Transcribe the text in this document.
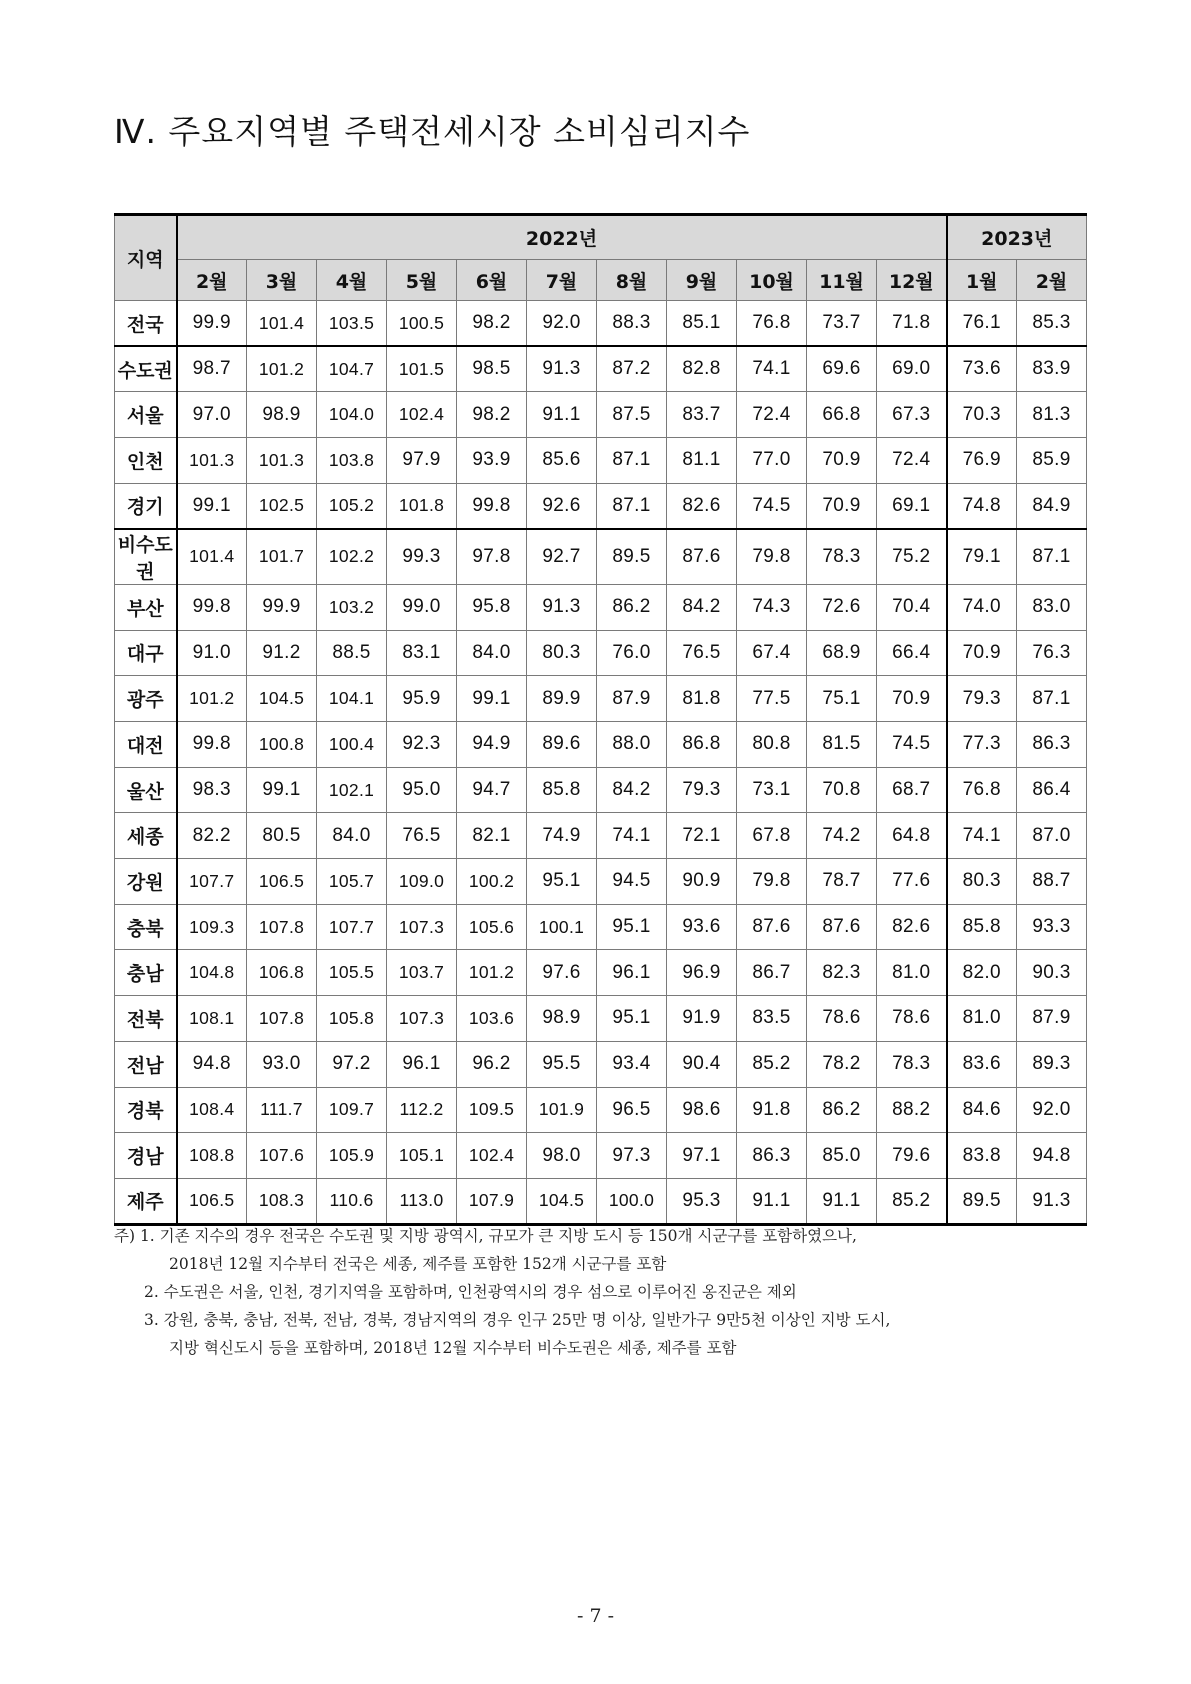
Ⅳ. 주요지역별 주택전세시장 소비심리지수
지역	2022년											2023년	
	2월	3월	4월	5월	6월	7월	8월	9월	10월	11월	12월	1월	2월
전국	99.9	101.4	103.5	100.5	98.2	92.0	88.3	85.1	76.8	73.7	71.8	76.1	85.3
수도권	98.7	101.2	104.7	101.5	98.5	91.3	87.2	82.8	74.1	69.6	69.0	73.6	83.9
서울	97.0	98.9	104.0	102.4	98.2	91.1	87.5	83.7	72.4	66.8	67.3	70.3	81.3
인천	101.3	101.3	103.8	97.9	93.9	85.6	87.1	81.1	77.0	70.9	72.4	76.9	85.9
경기	99.1	102.5	105.2	101.8	99.8	92.6	87.1	82.6	74.5	70.9	69.1	74.8	84.9
비수도권	101.4	101.7	102.2	99.3	97.8	92.7	89.5	87.6	79.8	78.3	75.2	79.1	87.1
부산	99.8	99.9	103.2	99.0	95.8	91.3	86.2	84.2	74.3	72.6	70.4	74.0	83.0
대구	91.0	91.2	88.5	83.1	84.0	80.3	76.0	76.5	67.4	68.9	66.4	70.9	76.3
광주	101.2	104.5	104.1	95.9	99.1	89.9	87.9	81.8	77.5	75.1	70.9	79.3	87.1
대전	99.8	100.8	100.4	92.3	94.9	89.6	88.0	86.8	80.8	81.5	74.5	77.3	86.3
울산	98.3	99.1	102.1	95.0	94.7	85.8	84.2	79.3	73.1	70.8	68.7	76.8	86.4
세종	82.2	80.5	84.0	76.5	82.1	74.9	74.1	72.1	67.8	74.2	64.8	74.1	87.0
강원	107.7	106.5	105.7	109.0	100.2	95.1	94.5	90.9	79.8	78.7	77.6	80.3	88.7
충북	109.3	107.8	107.7	107.3	105.6	100.1	95.1	93.6	87.6	87.6	82.6	85.8	93.3
충남	104.8	106.8	105.5	103.7	101.2	97.6	96.1	96.9	86.7	82.3	81.0	82.0	90.3
전북	108.1	107.8	105.8	107.3	103.6	98.9	95.1	91.9	83.5	78.6	78.6	81.0	87.9
전남	94.8	93.0	97.2	96.1	96.2	95.5	93.4	90.4	85.2	78.2	78.3	83.6	89.3
경북	108.4	111.7	109.7	112.2	109.5	101.9	96.5	98.6	91.8	86.2	88.2	84.6	92.0
경남	108.8	107.6	105.9	105.1	102.4	98.0	97.3	97.1	86.3	85.0	79.6	83.8	94.8
제주	106.5	108.3	110.6	113.0	107.9	104.5	100.0	95.3	91.1	91.1	85.2	89.5	91.3
주) 1. 기존 지수의 경우 전국은 수도권 및 지방 광역시, 규모가 큰 지방 도시 등 150개 시군구를 포함하였으나,
2018년 12월 지수부터 전국은 세종, 제주를 포함한 152개 시군구를 포함
2. 수도권은 서울, 인천, 경기지역을 포함하며, 인천광역시의 경우 섬으로 이루어진 옹진군은 제외
3. 강원, 충북, 충남, 전북, 전남, 경북, 경남지역의 경우 인구 25만 명 이상, 일반가구 9만5천 이상인 지방 도시,
지방 혁신도시 등을 포함하며, 2018년 12월 지수부터 비수도권은 세종, 제주를 포함
- 7 -
